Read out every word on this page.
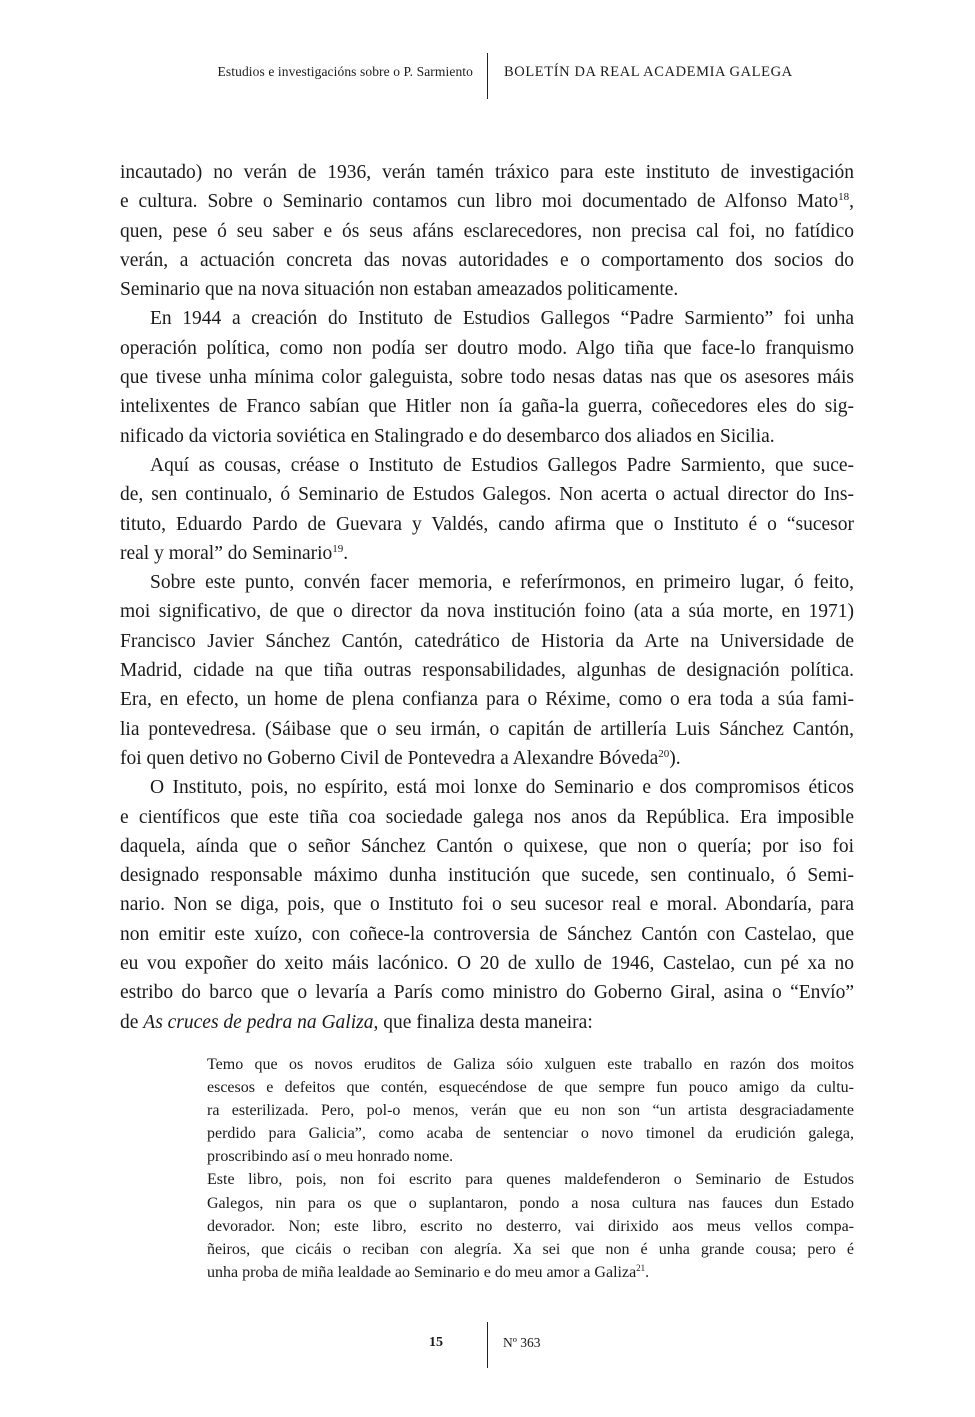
Estudios e investigacións sobre o P. Sarmiento BOLETÍN DA REAL ACADEMIA GALEGA
incautado) no verán de 1936, verán tamén tráxico para este instituto de investigación
e cultura. Sobre o Seminario contamos cun libro moi documentado de Alfonso Mato$^{18}$,
quen, pese ó seu saber e ós seus afáns esclarecedores, non precisa cal foi, no fatídico
verán, a actuación concreta das novas autoridades e o comportamento dos socios do
Seminario que na nova situación non estaban ameazados politicamente.
En 1944 a creación do Instituto de Estudios Gallegos “Padre Sarmiento” foi unha
operación política, como non podía ser doutro modo. Algo tiña que face-lo franquismo
que tivese unha mínima color galeguista, sobre todo nesas datas nas que os asesores máis
intelixentes de Franco sabían que Hitler non ía gaña-la guerra, coñecedores eles do sig-
nificado da victoria soviética en Stalingrado e do desembarco dos aliados en Sicilia.
Aquí as cousas, créase o Instituto de Estudios Gallegos Padre Sarmiento, que suce-
de, sen continualo, ó Seminario de Estudos Galegos. Non acerta o actual director do Ins-
tituto, Eduardo Pardo de Guevara y Valdés, cando afirma que o Instituto é o “sucesor
real y moral” do Seminario$^{19}$.
Sobre este punto, convén facer memoria, e referírmonos, en primeiro lugar, ó feito,
moi significativo, de que o director da nova institución foino (ata a súa morte, en 1971)
Francisco Javier Sánchez Cantón, catedrático de Historia da Arte na Universidade de
Madrid, cidade na que tiña outras responsabilidades, algunhas de designación política.
Era, en efecto, un home de plena confianza para o Réxime, como o era toda a súa fami-
lia pontevedresa. (Sáibase que o seu irmán, o capitán de artillería Luis Sánchez Cantón,
foi quen detivo no Goberno Civil de Pontevedra a Alexandre Bóveda$^{20}$).
O Instituto, pois, no espírito, está moi lonxe do Seminario e dos compromisos éticos
e científicos que este tiña coa sociedade galega nos anos da República. Era imposible
daquela, aínda que o señor Sánchez Cantón o quixese, que non o quería; por iso foi
designado responsable máximo dunha institución que sucede, sen continualo, ó Semi-
nario. Non se diga, pois, que o Instituto foi o seu sucesor real e moral. Abondaría, para
non emitir este xuízo, con coñece-la controversia de Sánchez Cantón con Castelao, que
eu vou expoñer do xeito máis lacónico. O 20 de xullo de 1946, Castelao, cun pé xa no
estribo do barco que o levaría a París como ministro do Goberno Giral, asina o “Envío”
de As cruces de pedra na Galiza, que finaliza desta maneira:
Temo que os novos eruditos de Galiza sóio xulguen este traballo en razón dos moitos
escesos e defeitos que contén, esquecéndose de que sempre fun pouco amigo da cultu-
ra esterilizada. Pero, pol-o menos, verán que eu non son “un artista desgraciadamente
perdido para Galicia”, como acaba de sentenciar o novo timonel da erudición galega,
proscribindo así o meu honrado nome.
Este libro, pois, non foi escrito para quenes maldefenderon o Seminario de Estudos
Galegos, nin para os que o suplantaron, pondo a nosa cultura nas fauces dun Estado
devorador. Non; este libro, escrito no desterro, vai dirixido aos meus vellos compa-
ñeiros, que cicáis o reciban con alegría. Xa sei que non é unha grande cousa; pero é
unha proba de miña lealdade ao Seminario e do meu amor a Galiza$^{21}$.
15	Nº 363
